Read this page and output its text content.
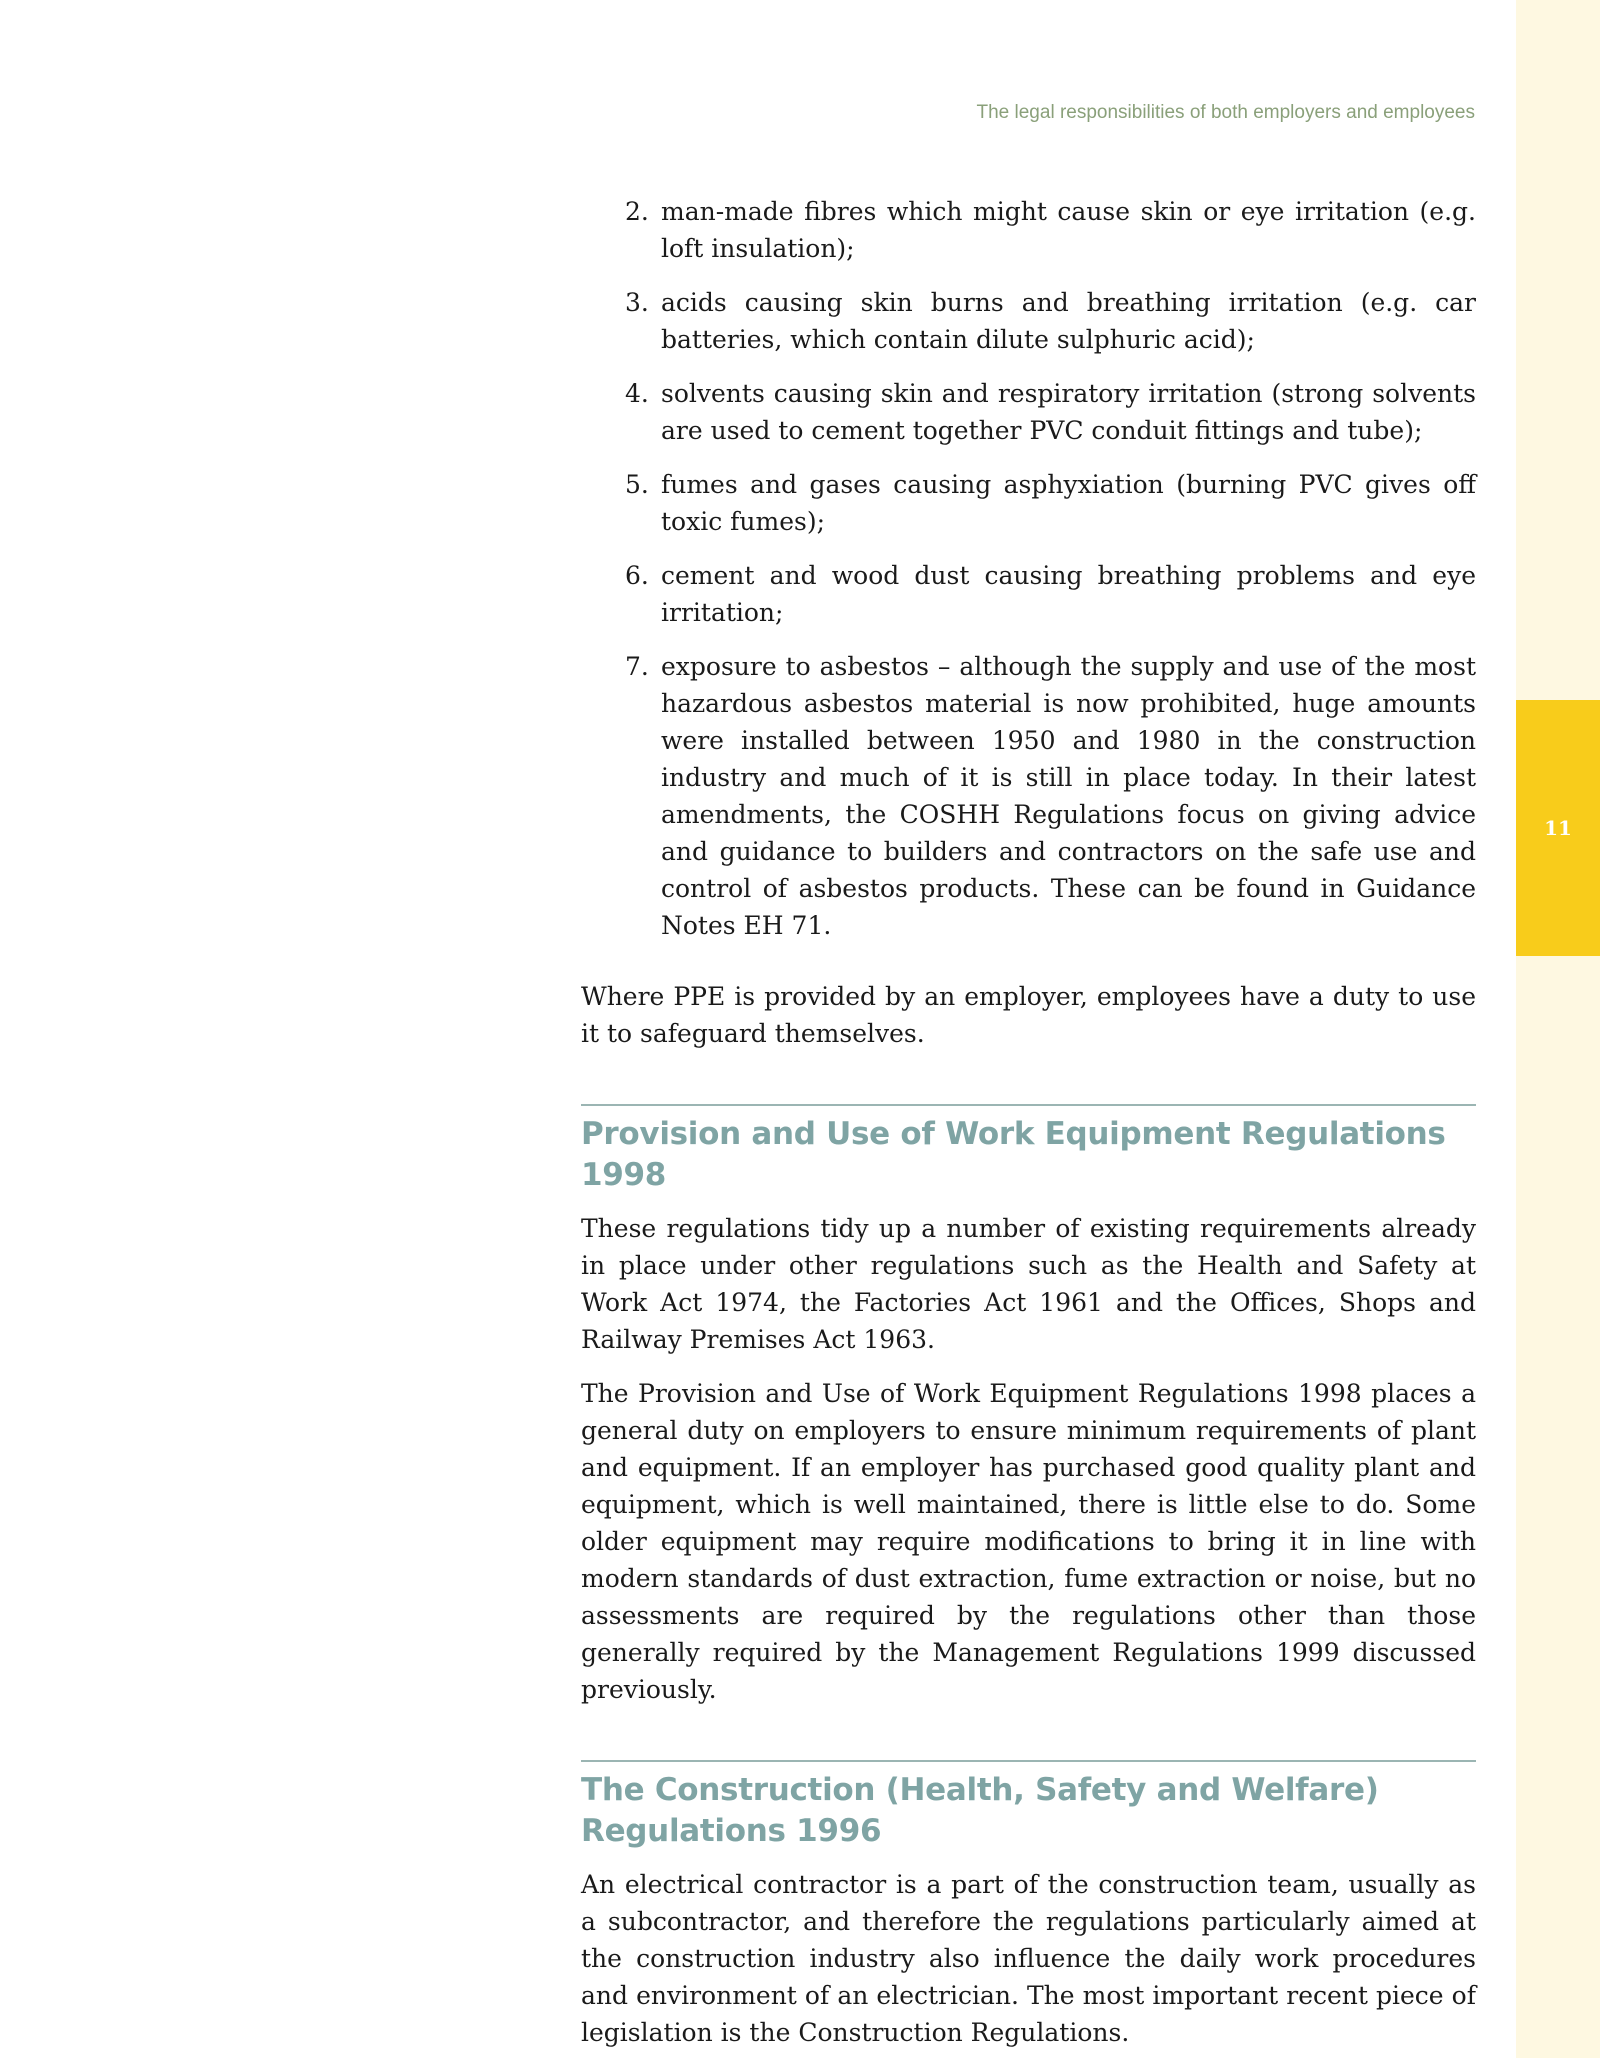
The legal responsibilities of both employers and employees
11
2. man-made fibres which might cause skin or eye irritation (e.g. loft insulation);
3. acids causing skin burns and breathing irritation (e.g. car batteries, which contain dilute sulphuric acid);
4. solvents causing skin and respiratory irritation (strong solvents are used to cement together PVC conduit fittings and tube);
5. fumes and gases causing asphyxiation (burning PVC gives off toxic fumes);
6. cement and wood dust causing breathing problems and eye irritation;
7. exposure to asbestos – although the supply and use of the most hazardous asbestos material is now prohibited, huge amounts were installed between 1950 and 1980 in the construction industry and much of it is still in place today. In their latest amendments, the COSHH Regulations focus on giving advice and guidance to builders and contractors on the safe use and control of asbestos products. These can be found in Guidance Notes EH 71.

Where PPE is provided by an employer, employees have a duty to use it to safeguard themselves.

Provision and Use of Work Equipment Regulations 1998

These regulations tidy up a number of existing requirements already in place under other regulations such as the Health and Safety at Work Act 1974, the Factories Act 1961 and the Offices, Shops and Railway Premises Act 1963.

The Provision and Use of Work Equipment Regulations 1998 places a general duty on employers to ensure minimum requirements of plant and equipment. If an employer has purchased good quality plant and equipment, which is well maintained, there is little else to do. Some older equipment may require modifications to bring it in line with modern standards of dust extraction, fume extraction or noise, but no assessments are required by the regulations other than those generally required by the Management Regulations 1999 discussed previously.

The Construction (Health, Safety and Welfare) Regulations 1996

An electrical contractor is a part of the construction team, usually as a subcontractor, and therefore the regulations particularly aimed at the construction industry also influence the daily work procedures and environment of an electrician. The most important recent piece of legislation is the Construction Regulations.
